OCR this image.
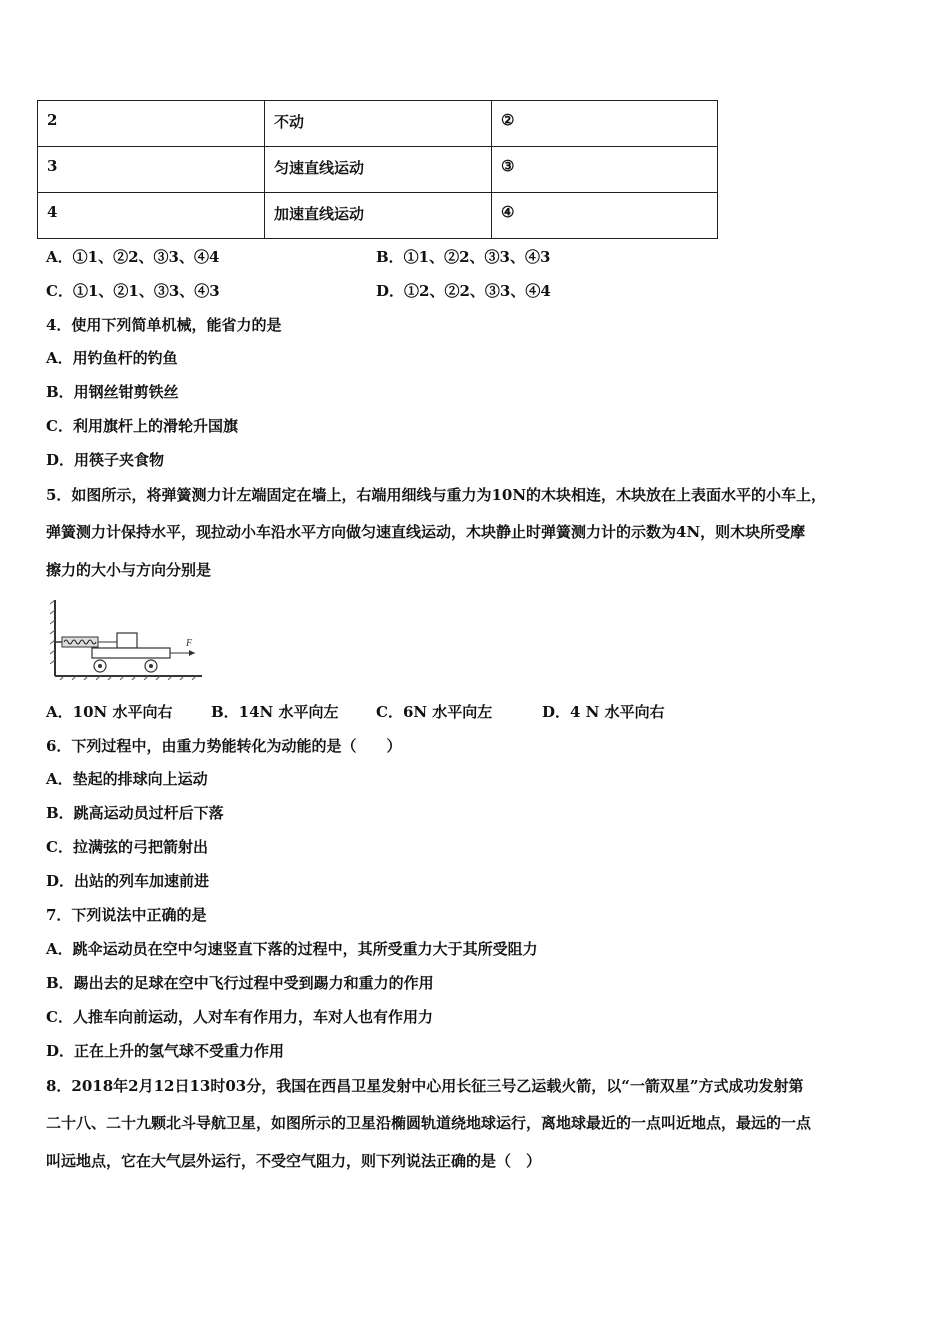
2	不动	②
3	匀速直线运动	③
4	加速直线运动	④
A．①1、②2、③3、④4	B．①1、②2、③3、④3
C．①1、②1、③3、④3	D．①2、②2、③3、④4
4．使用下列简单机械，能省力的是
A．用钓鱼杆的钓鱼
B．用钢丝钳剪铁丝
C．利用旗杆上的滑轮升国旗
D．用筷子夹食物
5．如图所示，将弹簧测力计左端固定在墙上，右端用细线与重力为10N的木块相连，木块放在上表面水平的小车上，
弹簧测力计保持水平，现拉动小车沿水平方向做匀速直线运动，木块静止时弹簧测力计的示数为4N，则木块所受摩
擦力的大小与方向分别是
F
A．10N 水平向右	B．14N 水平向左	C．6N 水平向左	D．4 N 水平向右
6．下列过程中，由重力势能转化为动能的是（　　）
A．垫起的排球向上运动
B．跳高运动员过杆后下落
C．拉满弦的弓把箭射出
D．出站的列车加速前进
7．下列说法中正确的是
A．跳伞运动员在空中匀速竖直下落的过程中，其所受重力大于其所受阻力
B．踢出去的足球在空中飞行过程中受到踢力和重力的作用
C．人推车向前运动，人对车有作用力，车对人也有作用力
D．正在上升的氢气球不受重力作用
8．2018年2月12日13时03分，我国在西昌卫星发射中心用长征三号乙运载火箭，以“一箭双星”方式成功发射第
二十八、二十九颗北斗导航卫星，如图所示的卫星沿椭圆轨道绕地球运行，离地球最近的一点叫近地点，最远的一点
叫远地点，它在大气层外运行，不受空气阻力，则下列说法正确的是（　）
